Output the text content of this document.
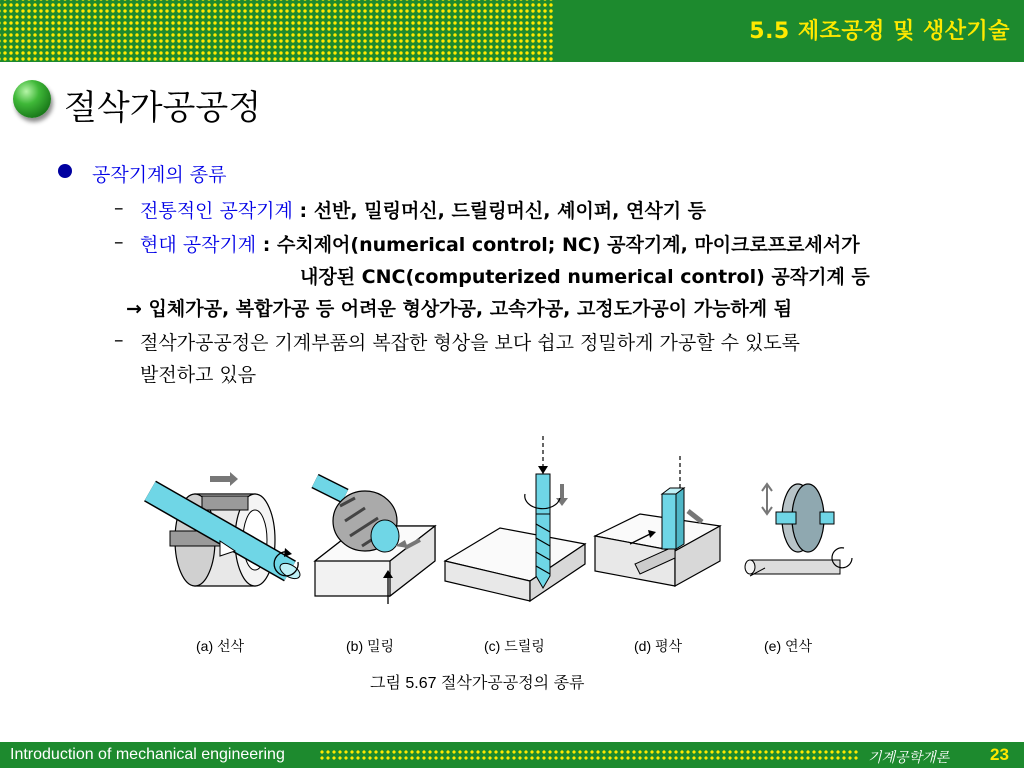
5.5 제조공정 및 생산기술
절삭가공공정
공작기계의 종류
– 전통적인 공작기계 : 선반, 밀링머신, 드릴링머신, 셰이퍼, 연삭기 등
– 현대 공작기계 : 수치제어(numerical control; NC) 공작기계, 마이크로프로세서가
내장된 CNC(computerized numerical control) 공작기계 등
→ 입체가공, 복합가공 등 어려운 형상가공, 고속가공, 고정도가공이 가능하게 됨
– 절삭가공공정은 기계부품의 복잡한 형상을 보다 쉽고 정밀하게 가공할 수 있도록
발전하고 있음
(a) 선삭	(b) 밀링	(c) 드릴링	(d) 평삭	(e) 연삭
그림 5.67 절삭가공공정의 종류
Introduction of mechanical engineering	기계공학개론 23
